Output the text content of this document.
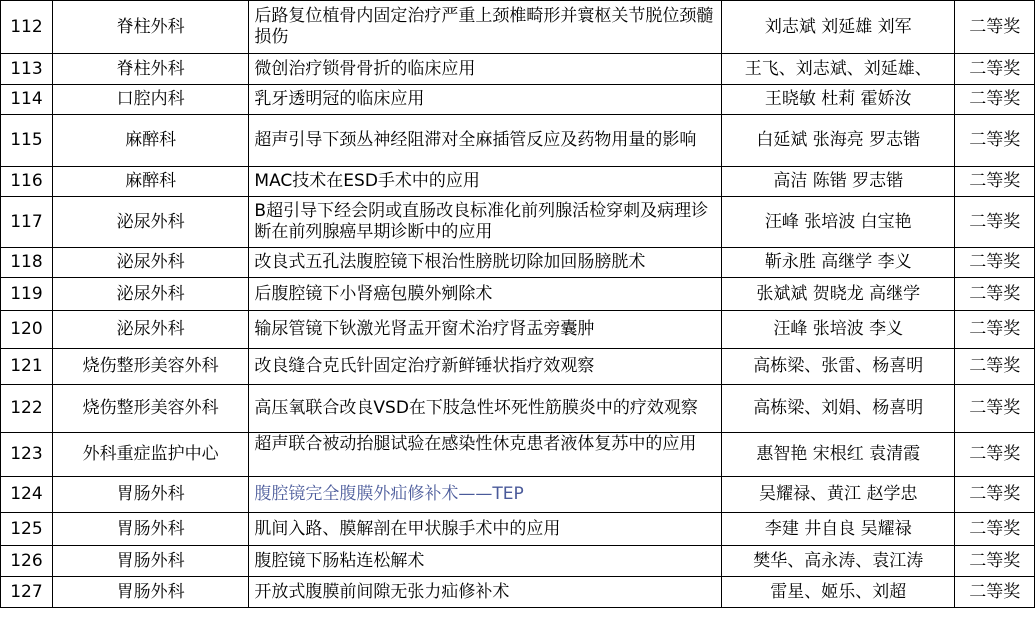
112	脊柱外科	后路复位植骨内固定治疗严重上颈椎畸形并寰枢关节脱位颈髓损伤	刘志斌 刘延雄 刘军	二等奖
113	脊柱外科	微创治疗锁骨骨折的临床应用	王飞、刘志斌、刘延雄、	二等奖
114	口腔内科	乳牙透明冠的临床应用	王晓敏 杜莉 霍娇汝	二等奖
115	麻醉科	超声引导下颈丛神经阻滞对全麻插管反应及药物用量的影响	白延斌 张海亮 罗志锴	二等奖
116	麻醉科	MAC技术在ESD手术中的应用	高洁 陈锴 罗志锴	二等奖
117	泌尿外科	B超引导下经会阴或直肠改良标准化前列腺活检穿刺及病理诊断在前列腺癌早期诊断中的应用	汪峰 张培波 白宝艳	二等奖
118	泌尿外科	改良式五孔法腹腔镜下根治性膀胱切除加回肠膀胱术	靳永胜 高继学 李义	二等奖
119	泌尿外科	后腹腔镜下小肾癌包膜外剜除术	张斌斌 贺晓龙 高继学	二等奖
120	泌尿外科	输尿管镜下钬激光肾盂开窗术治疗肾盂旁囊肿	汪峰 张培波 李义	二等奖
121	烧伤整形美容外科	改良缝合克氏针固定治疗新鲜锤状指疗效观察	高栋梁、张雷、杨喜明	二等奖
122	烧伤整形美容外科	高压氧联合改良VSD在下肢急性坏死性筋膜炎中的疗效观察	高栋梁、刘娟、杨喜明	二等奖
123	外科重症监护中心	超声联合被动抬腿试验在感染性休克患者液体复苏中的应用	惠智艳 宋根红 袁清霞	二等奖
124	胃肠外科	腹腔镜完全腹膜外疝修补术——TEP	吴耀禄、黄江 赵学忠	二等奖
125	胃肠外科	肌间入路、膜解剖在甲状腺手术中的应用	李建 井自良 吴耀禄	二等奖
126	胃肠外科	腹腔镜下肠粘连松解术	樊华、高永涛、袁江涛	二等奖
127	胃肠外科	开放式腹膜前间隙无张力疝修补术	雷星、姬乐、刘超	二等奖
